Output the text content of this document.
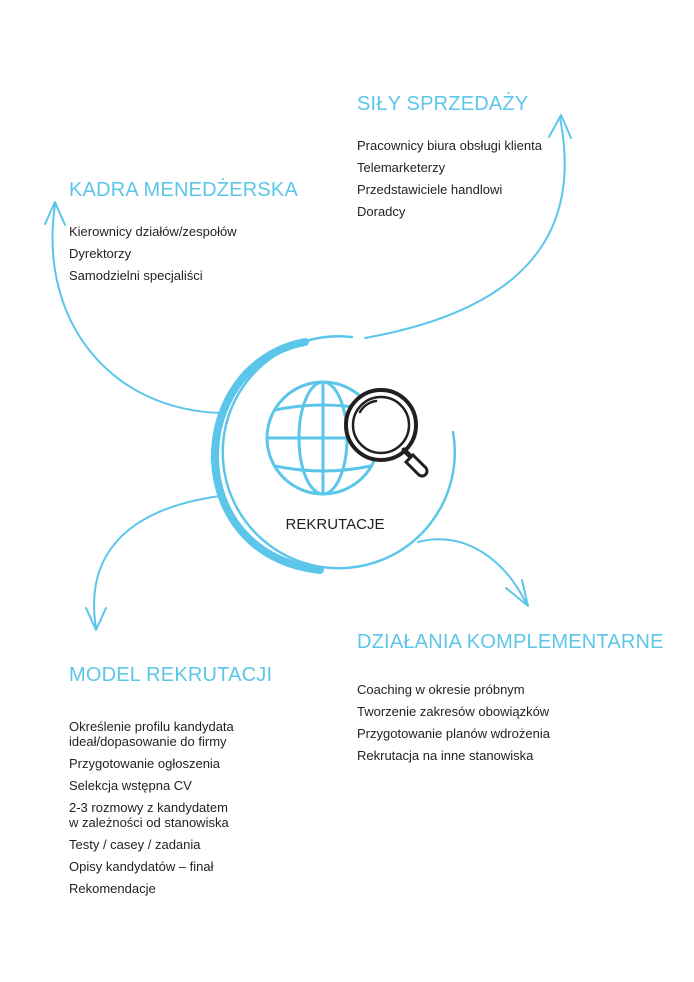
REKRUTACJE
SIŁY SPRZEDAŻY
Pracownicy biura obsługi klienta
Telemarketerzy
Przedstawiciele handlowi
Doradcy
KADRA MENEDŻERSKA
Kierownicy działów/zespołów
Dyrektorzy
Samodzielni specjaliści
MODEL REKRUTACJI
Określenie profilu kandydata
ideał/dopasowanie do firmy
Przygotowanie ogłoszenia
Selekcja wstępna CV
2-3 rozmowy z kandydatem
w zależności od stanowiska
Testy / casey / zadania
Opisy kandydatów – finał
Rekomendacje
DZIAŁANIA KOMPLEMENTARNE
Coaching w okresie próbnym
Tworzenie zakresów obowiązków
Przygotowanie planów wdrożenia
Rekrutacja na inne stanowiska
